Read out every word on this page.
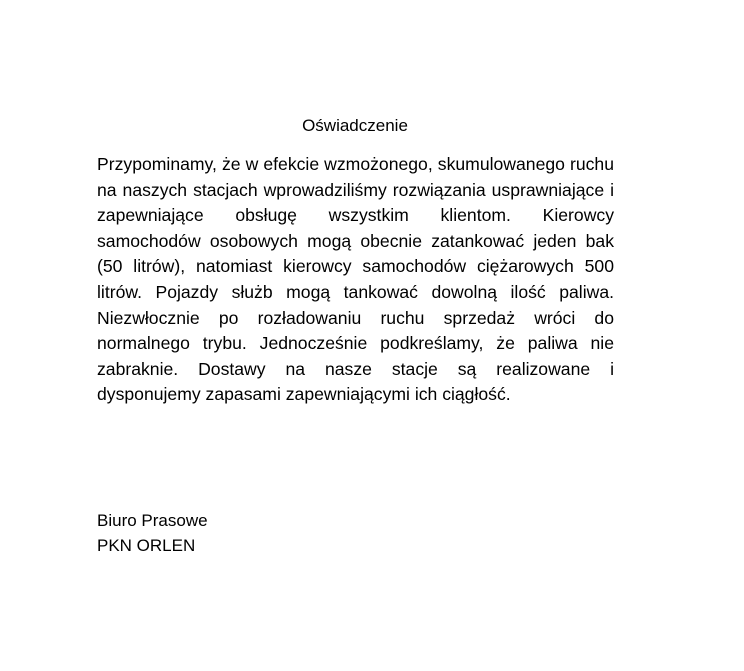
Oświadczenie

Przypominamy, że w efekcie wzmożonego, skumulowanego ruchu na naszych stacjach wprowadziliśmy rozwiązania usprawniające i zapewniające obsługę wszystkim klientom. Kierowcy samochodów osobowych mogą obecnie zatankować jeden bak (50 litrów), natomiast kierowcy samochodów ciężarowych 500 litrów. Pojazdy służb mogą tankować dowolną ilość paliwa. Niezwłocznie po rozładowaniu ruchu sprzedaż wróci do normalnego trybu. Jednocześnie podkreślamy, że paliwa nie zabraknie. Dostawy na nasze stacje są realizowane i dysponujemy zapasami zapewniającymi ich ciągłość.

Biuro Prasowe
PKN ORLEN
